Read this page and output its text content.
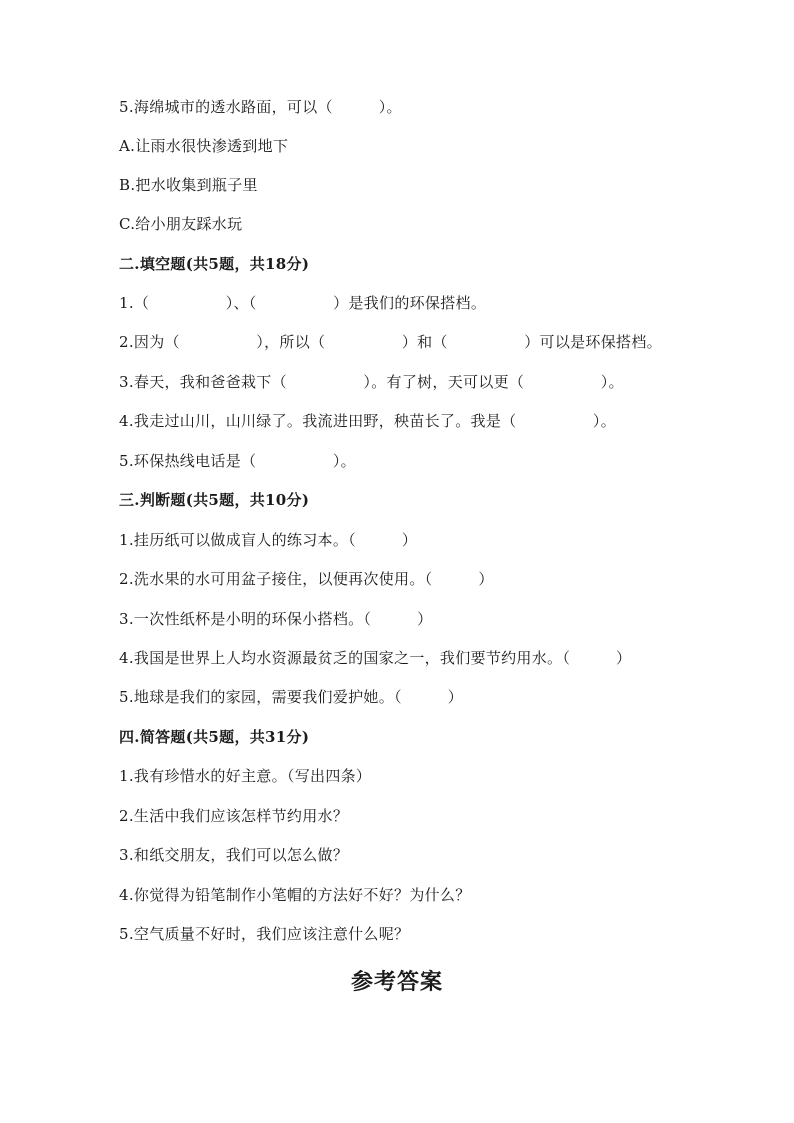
5.海绵城市的透水路面，可以（　　　）。
A.让雨水很快渗透到地下
B.把水收集到瓶子里
C.给小朋友踩水玩
二.填空题(共5题，共18分)
1.（　　　　　）、（　　　　　）是我们的环保搭档。
2.因为（　　　　　），所以（　　　　　）和（　　　　　）可以是环保搭档。
3.春天，我和爸爸栽下（　　　　　）。有了树，天可以更（　　　　　）。
4.我走过山川，山川绿了。我流进田野，秧苗长了。我是（　　　　　）。
5.环保热线电话是（　　　　　）。
三.判断题(共5题，共10分)
1.挂历纸可以做成盲人的练习本。（　　　）
2.洗水果的水可用盆子接住，以便再次使用。（　　　）
3.一次性纸杯是小明的环保小搭档。（　　　）
4.我国是世界上人均水资源最贫乏的国家之一，我们要节约用水。（　　　）
5.地球是我们的家园，需要我们爱护她。（　　　）
四.简答题(共5题，共31分)
1.我有珍惜水的好主意。（写出四条）
2.生活中我们应该怎样节约用水？
3.和纸交朋友，我们可以怎么做？
4.你觉得为铅笔制作小笔帽的方法好不好？为什么？
5.空气质量不好时，我们应该注意什么呢？
参考答案
